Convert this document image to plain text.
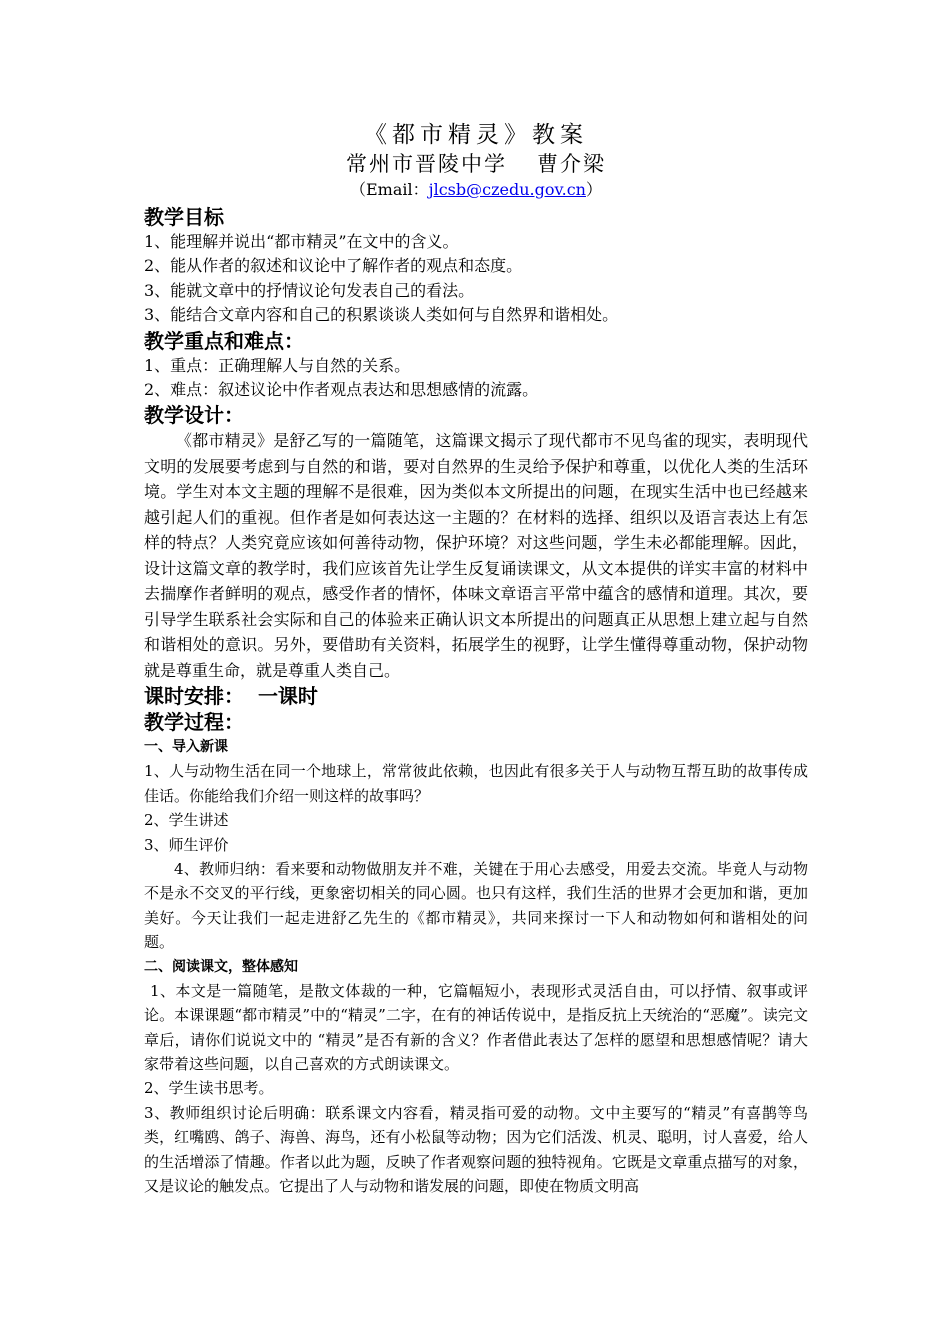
《都市精灵》教案
常州市晋陵中学 曹介梁
（Email：jlcsb@czedu.gov.cn）
教学目标

1、能理解并说出“都市精灵”在文中的含义。

2、能从作者的叙述和议论中了解作者的观点和态度。

3、能就文章中的抒情议论句发表自己的看法。

3、能结合文章内容和自己的积累谈谈人类如何与自然界和谐相处。

教学重点和难点：

1、重点：正确理解人与自然的关系。

2、难点：叙述议论中作者观点表达和思想感情的流露。

教学设计：

《都市精灵》是舒乙写的一篇随笔，这篇课文揭示了现代都市不见鸟雀的现实，表明现代文明的发展要考虑到与自然的和谐，要对自然界的生灵给予保护和尊重，以优化人类的生活环境。学生对本文主题的理解不是很难，因为类似本文所提出的问题，在现实生活中也已经越来越引起人们的重视。但作者是如何表达这一主题的？在材料的选择、组织以及语言表达上有怎样的特点？人类究竟应该如何善待动物，保护环境？对这些问题，学生未必都能理解。因此，设计这篇文章的教学时，我们应该首先让学生反复诵读课文，从文本提供的详实丰富的材料中去揣摩作者鲜明的观点，感受作者的情怀，体味文章语言平常中蕴含的感情和道理。其次，要引导学生联系社会实际和自己的体验来正确认识文本所提出的问题真正从思想上建立起与自然和谐相处的意识。另外，要借助有关资料，拓展学生的视野，让学生懂得尊重动物，保护动物就是尊重生命，就是尊重人类自己。

课时安排： 一课时
教学过程：

一、导入新课

1、人与动物生活在同一个地球上，常常彼此依赖，也因此有很多关于人与动物互帮互助的故事传成佳话。你能给我们介绍一则这样的故事吗？

2、学生讲述

3、师生评价

4、教师归纳：看来要和动物做朋友并不难，关键在于用心去感受，用爱去交流。毕竟人与动物不是永不交叉的平行线，更象密切相关的同心圆。也只有这样，我们生活的世界才会更加和谐，更加美好。今天让我们一起走进舒乙先生的《都市精灵》，共同来探讨一下人和动物如何和谐相处的问题。

二、阅读课文，整体感知

1、本文是一篇随笔，是散文体裁的一种，它篇幅短小，表现形式灵活自由，可以抒情、叙事或评论。本课课题“都市精灵”中的“精灵”二字，在有的神话传说中，是指反抗上天统治的“恶魔”。读完文章后，请你们说说文中的 “精灵”是否有新的含义？作者借此表达了怎样的愿望和思想感情呢？请大家带着这些问题，以自己喜欢的方式朗读课文。

2、学生读书思考。

3、教师组织讨论后明确：联系课文内容看，精灵指可爱的动物。文中主要写的“精灵”有喜鹊等鸟类，红嘴鸥、鸽子、海兽、海鸟，还有小松鼠等动物；因为它们活泼、机灵、聪明，讨人喜爱，给人的生活增添了情趣。作者以此为题，反映了作者观察问题的独特视角。它既是文章重点描写的对象，又是议论的触发点。它提出了人与动物和谐发展的问题，即使在物质文明高
